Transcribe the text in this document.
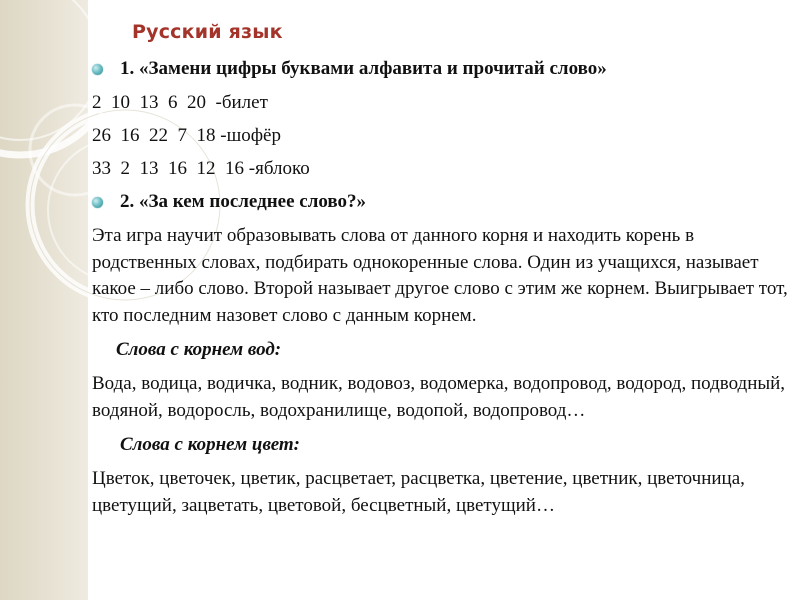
Русский язык
1. «Замени цифры буквами алфавита и прочитай слово»
2  10  13  6  20  -билет
26  16  22  7  18 -шофёр
33  2  13  16  12  16 -яблоко
2. «За кем последнее слово?»
Эта игра научит образовывать слова от данного корня и находить корень в родственных словах, подбирать однокоренные слова. Один из учащихся, называет какое – либо слово. Второй называет другое слово с этим же корнем. Выигрывает тот, кто последним назовет слово с данным корнем.
Слова с корнем вод:
Вода, водица, водичка, водник, водовоз, водомерка, водопровод, водород, подводный, водяной, водоросль, водохранилище, водопой, водопровод…
Слова с корнем цвет:
Цветок, цветочек, цветик, расцветает, расцветка, цветение, цветник, цветочница, цветущий, зацветать, цветовой, бесцветный, цветущий…
